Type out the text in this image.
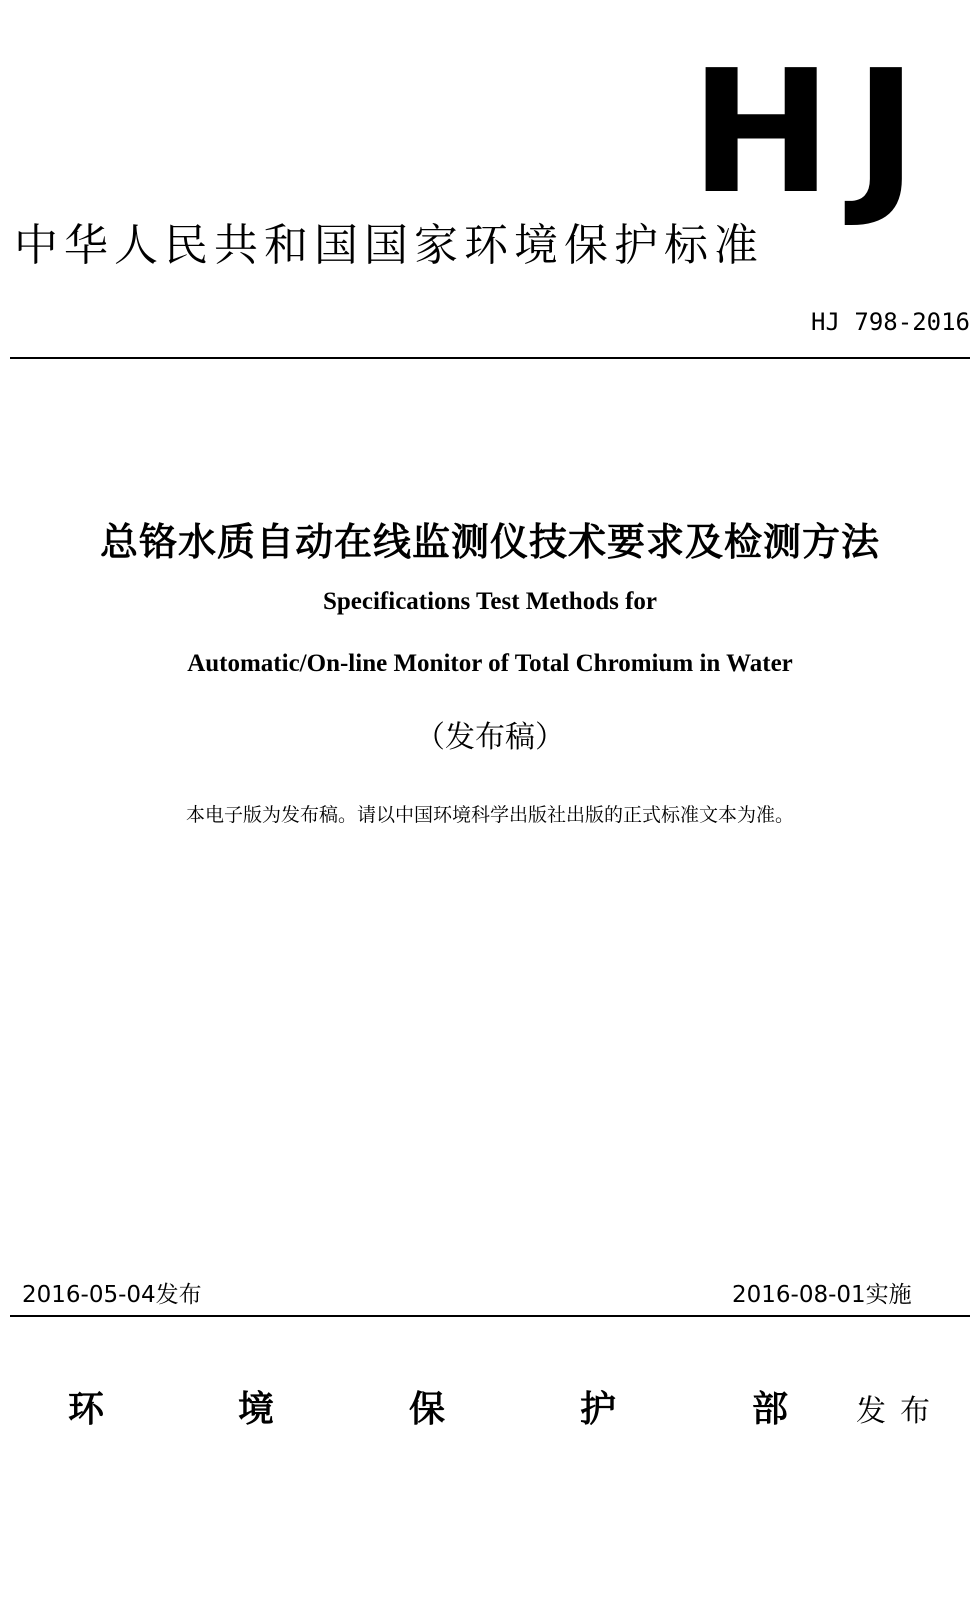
HJ
中华人民共和国国家环境保护标准
HJ 798-2016
总铬水质自动在线监测仪技术要求及检测方法
Specifications Test Methods for
Automatic/On-line Monitor of Total Chromium in Water
（发布稿）
本电子版为发布稿。请以中国环境科学出版社出版的正式标准文本为准。
2016-05-04发布	2016-08-01实施
环	境	保	护	部 发布
